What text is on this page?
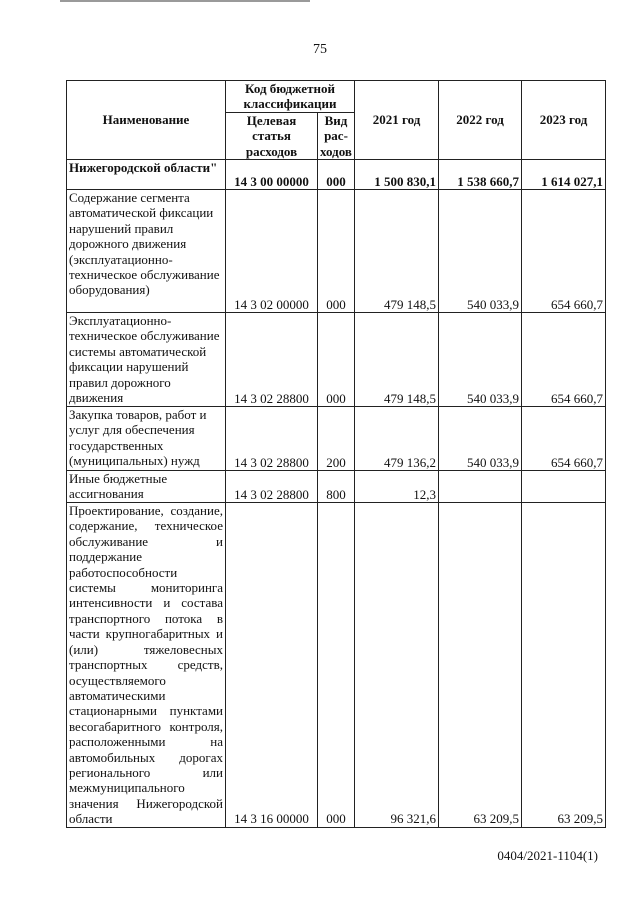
75
Наименование	Код бюджетной классификации		2021 год	2022 год	2023 год
	Целевая статья расходов	Вид рас-ходов			
Нижегородской области"	14 3 00 00000	000	1 500 830,1	1 538 660,7	1 614 027,1
Содержание сегмента автоматической фиксации нарушений правил дорожного движения (эксплуатационно-техническое обслуживание оборудования)	14 3 02 00000	000	479 148,5	540 033,9	654 660,7
Эксплуатационно-техническое обслуживание системы автоматической фиксации нарушений правил дорожного движения	14 3 02 28800	000	479 148,5	540 033,9	654 660,7
Закупка товаров, работ и услуг для обеспечения государственных (муниципальных) нужд	14 3 02 28800	200	479 136,2	540 033,9	654 660,7
Иные бюджетные ассигнования	14 3 02 28800	800	12,3		
Проектирование, создание, содержание, техническое обслуживание и поддержание работоспособности системы мониторинга интенсивности и состава транспортного потока в части крупногабаритных и (или) тяжеловесных транспортных средств, осуществляемого автоматическими стационарными пунктами весогабаритного контроля, расположенными на автомобильных дорогах регионального или межмуниципального значения Нижегородской области	14 3 16 00000	000	96 321,6	63 209,5	63 209,5
0404/2021-1104(1)
